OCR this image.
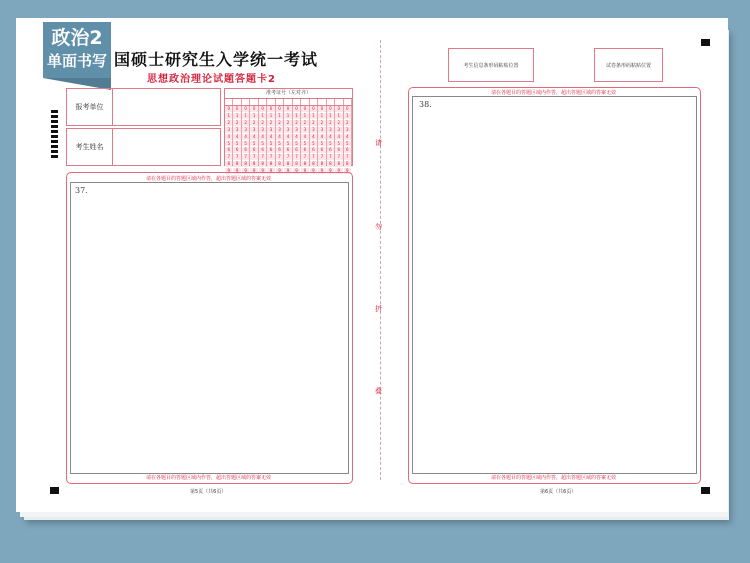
政治2
单面书写 国硕士研究生入学统一考试
思想政治理论试题答题卡2
报考单位
考生姓名
准考证号（左对齐）
0
1
2
3
4
5
6
7
8
9
0
1
2
3
4
5
6
7
8
9
0
1
2
3
4
5
6
7
8
9
0
1
2
3
4
5
6
7
8
9
0
1
2
3
4
5
6
7
8
9
0
1
2
3
4
5
6
7
8
9
0
1
2
3
4
5
6
7
8
9
0
1
2
3
4
5
6
7
8
9
0
1
2
3
4
5
6
7
8
9
0
1
2
3
4
5
6
7
8
9
0
1
2
3
4
5
6
7
8
9
0
1
2
3
4
5
6
7
8
9
0
1
2
3
4
5
6
7
8
9
0
1
2
3
4
5
6
7
8
9
0
1
2
3
4
5
6
7
8
9
请在各题目的答题区域内作答，超出答题区域的答案无效
37.
请在各题目的答题区域内作答，超出答题区域的答案无效
第5页（共6页）
请
勿
折
叠
考生信息条形码粘贴位置	试卷条形码粘贴位置
请在各题目的答题区域内作答，超出答题区域的答案无效
38.
请在各题目的答题区域内作答，超出答题区域的答案无效
第6页（共6页）
